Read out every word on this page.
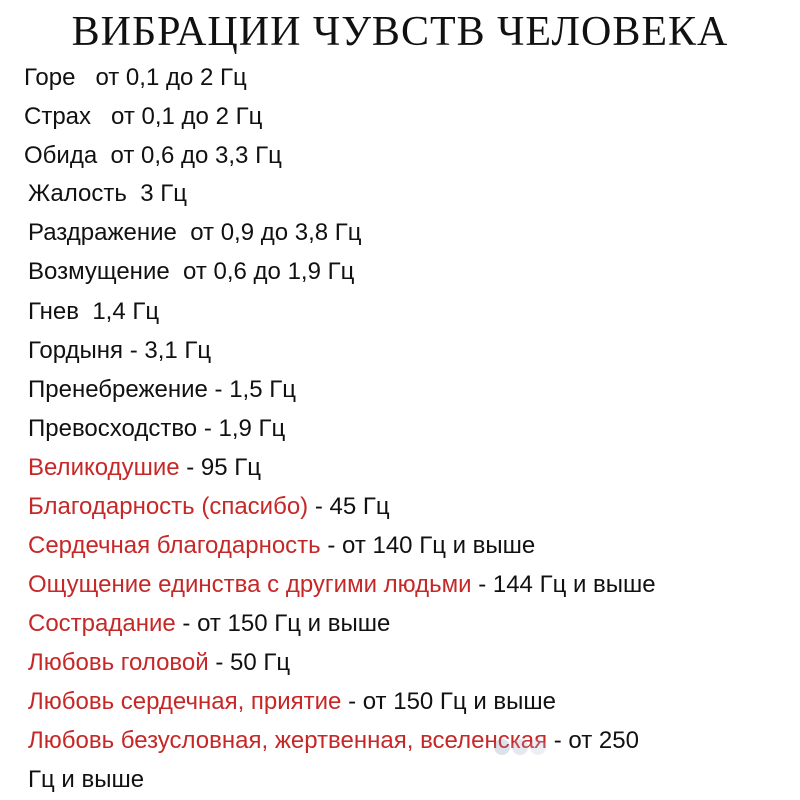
ВИБРАЦИИ ЧУВСТВ ЧЕЛОВЕКА
Горе   от 0,1 до 2 Гц
Страх   от 0,1 до 2 Гц
Обида  от 0,6 до 3,3 Гц
Жалость  3 Гц
Раздражение  от 0,9 до 3,8 Гц
Возмущение  от 0,6 до 1,9 Гц
Гнев  1,4 Гц
Гордыня - 3,1 Гц
Пренебрежение - 1,5 Гц
Превосходство - 1,9 Гц
Великодушие - 95 Гц
Благодарность (спасибо) - 45 Гц
Сердечная благодарность - от 140 Гц и выше
Ощущение единства с другими людьми - 144 Гц и выше
Сострадание - от 150 Гц и выше
Любовь головой - 50 Гц
Любовь сердечная, приятие - от 150 Гц и выше
Любовь безусловная, жертвенная, вселенская - от 250
Гц и выше
